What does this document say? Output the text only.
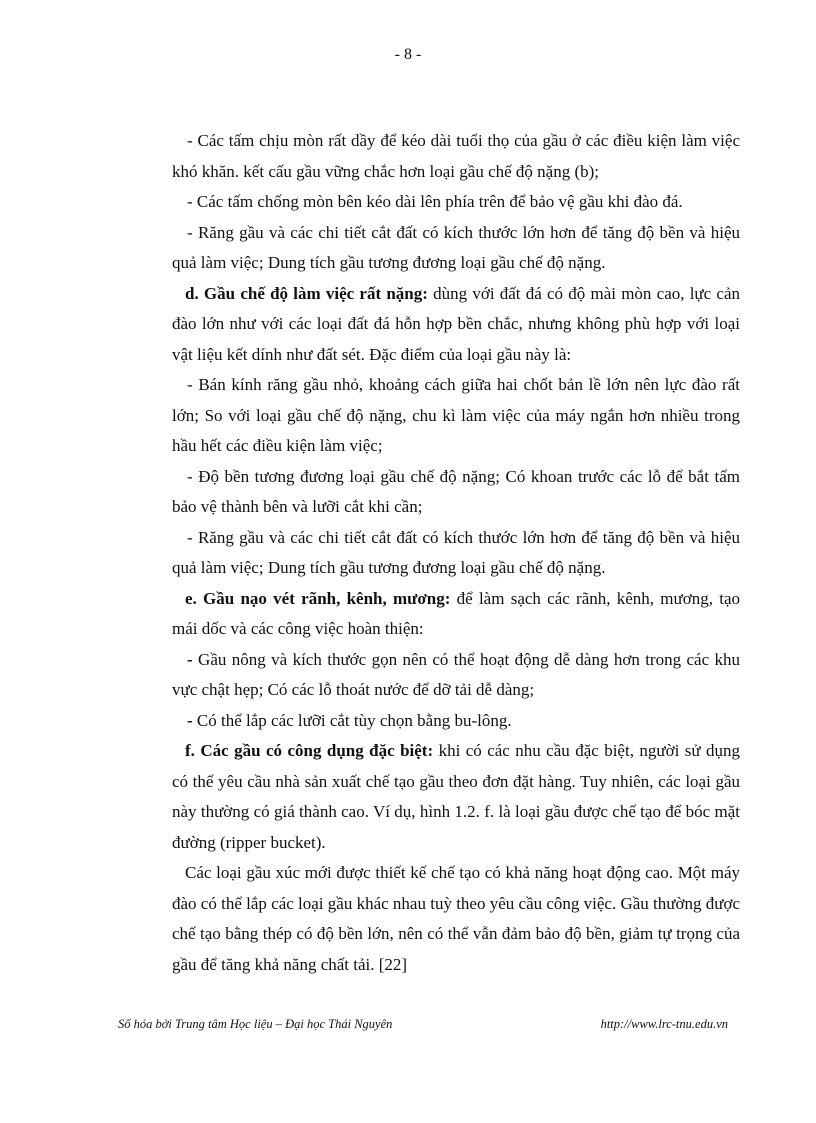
- 8 -

- Các tấm chịu mòn rất dầy để kéo dài tuổi thọ của gầu ở các điều kiện làm việc khó khăn. kết cấu gầu vững chắc hơn loại gầu chế độ nặng (b);

- Các tấm chống mòn bên kéo dài lên phía trên để bảo vệ gầu khi đào đá.

- Răng gầu và các chi tiết cắt đất có kích thước lớn hơn để tăng độ bền và hiệu quả làm việc; Dung tích gầu tương đương loại gầu chế độ nặng.

d. Gầu chế độ làm việc rất nặng: dùng với đất đá có độ mài mòn cao, lực cản đào lớn như với các loại đất đá hỗn hợp bền chắc, nhưng không phù hợp với loại vật liệu kết dính như đất sét. Đặc điểm của loại gầu này là:

- Bán kính răng gầu nhỏ, khoảng cách giữa hai chốt bản lề lớn nên lực đào rất lớn; So với loại gầu chế độ nặng, chu kì làm việc của máy ngắn hơn nhiều trong hầu hết các điều kiện làm việc;

- Độ bền tương đương loại gầu chế độ nặng; Có khoan trước các lỗ để bắt tấm bảo vệ thành bên và lưỡi cắt khi cần;

- Răng gầu và các chi tiết cắt đất có kích thước lớn hơn để tăng độ bền và hiệu quả làm việc; Dung tích gầu tương đương loại gầu chế độ nặng.

e. Gầu nạo vét rãnh, kênh, mương: để làm sạch các rãnh, kênh, mương, tạo mái dốc và các công việc hoàn thiện:

- Gầu nông và kích thước gọn nên có thể hoạt động dễ dàng hơn trong các khu vực chật hẹp; Có các lỗ thoát nước để dỡ tải dễ dàng;

- Có thể lắp các lưỡi cắt tùy chọn bằng bu-lông.

f. Các gầu có công dụng đặc biệt: khi có các nhu cầu đặc biệt, người sử dụng có thể yêu cầu nhà sản xuất chế tạo gầu theo đơn đặt hàng. Tuy nhiên, các loại gầu này thường có giá thành cao. Ví dụ, hình 1.2. f. là loại gầu được chế tạo để bóc mặt đường (ripper bucket).

Các loại gầu xúc mới được thiết kế chế tạo có khả năng hoạt động cao. Một máy đào có thể lắp các loại gầu khác nhau tuỳ theo yêu cầu công việc. Gầu thường được chế tạo bằng thép có độ bền lớn, nên có thể vẫn đảm bảo độ bền, giảm tự trọng của gầu để tăng khả năng chất tải. [22]

Số hóa bởi Trung tâm Học liệu – Đại học Thái Nguyên	http://www.lrc-tnu.edu.vn
